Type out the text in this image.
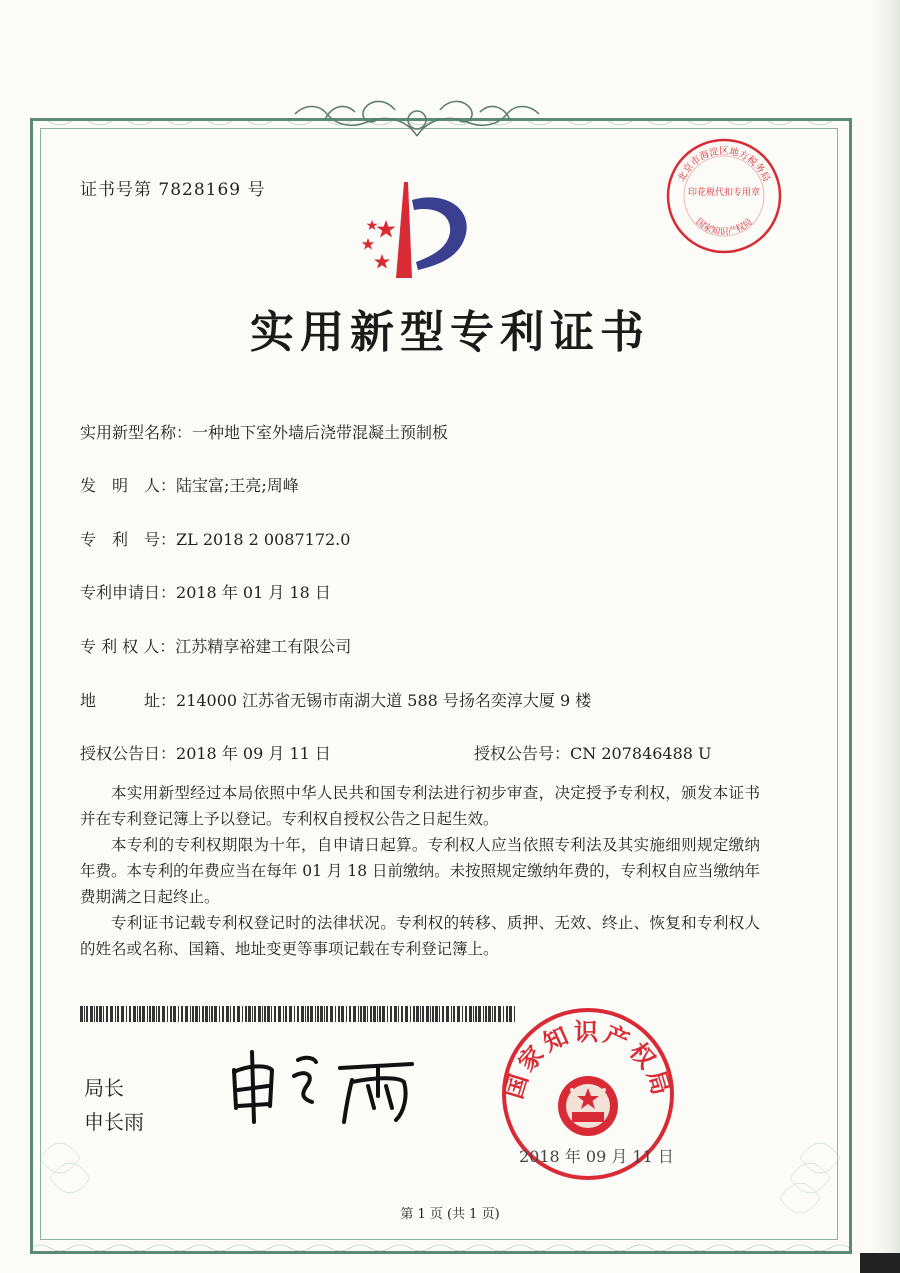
证书号第 7828169 号
北京市海淀区地方税务局
印花税代扣专用章
国家知识产权局
实用新型专利证书
实用新型名称：一种地下室外墙后浇带混凝土预制板
发　明　人：陆宝富;王亮;周峰
专　利　号：ZL 2018 2 0087172.0
专利申请日：2018 年 01 月 18 日
专 利 权 人：江苏精享裕建工有限公司
地　　　址：214000 江苏省无锡市南湖大道 588 号扬名奕淳大厦 9 楼
授权公告日：2018 年 09 月 11 日	授权公告号：CN 207846488 U

本实用新型经过本局依照中华人民共和国专利法进行初步审查，决定授予专利权，颁发本证书并在专利登记簿上予以登记。专利权自授权公告之日起生效。

本专利的专利权期限为十年，自申请日起算。专利权人应当依照专利法及其实施细则规定缴纳年费。本专利的年费应当在每年 01 月 18 日前缴纳。未按照规定缴纳年费的，专利权自应当缴纳年费期满之日起终止。

专利证书记载专利权登记时的法律状况。专利权的转移、质押、无效、终止、恢复和专利权人的姓名或名称、国籍、地址变更等事项记载在专利登记簿上。

局长
申长雨
国家知识产权局
2018 年 09 月 11 日
第 1 页 (共 1 页)
